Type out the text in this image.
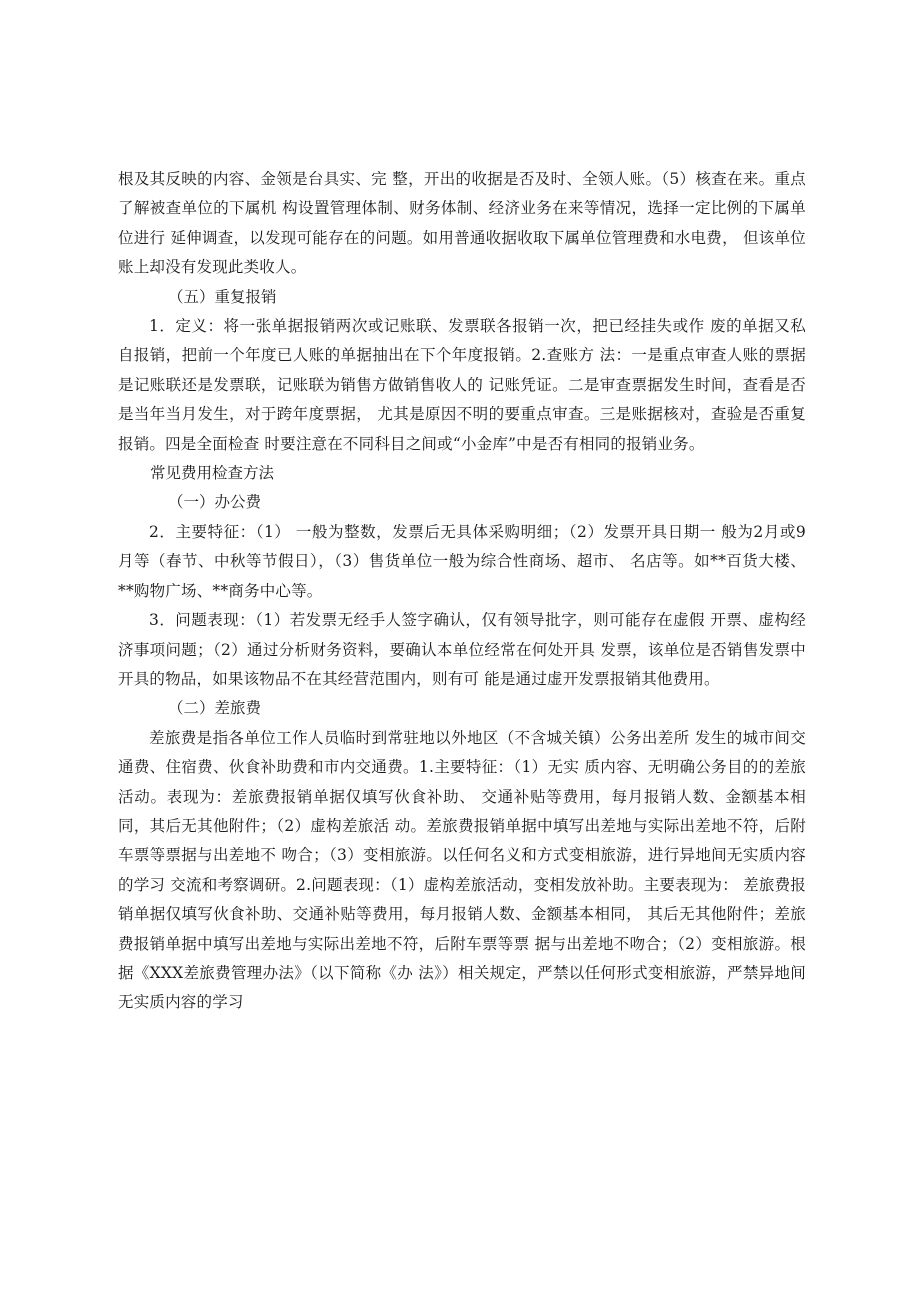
根及其反映的内容、金领是台具实、完 整，开出的收据是否及时、全领人账。（5）核查在来。重点了解被查单位的下属机 构设置管理体制、财务体制、经济业务在来等情况，选择一定比例的下属单位进行 延伸调查，以发现可能存在的问题。如用普通收据收取下属单位管理费和水电费， 但该单位账上却没有发现此类收人。

（五）重复报销

1．定义：将一张单据报销两次或记账联、发票联各报销一次，把已经挂失或作 废的单据又私自报销，把前一个年度已人账的单据抽出在下个年度报销。2.查账方 法：一是重点审查人账的票据是记账联还是发票联，记账联为销售方做销售收人的 记账凭证。二是审查票据发生时间，查看是否是当年当月发生，对于跨年度票据， 尤其是原因不明的要重点审查。三是账据核对，查验是否重复报销。四是全面检查 时要注意在不同科目之间或“小金库”中是否有相同的报销业务。

常见费用检查方法

（一）办公费

2．主要特征：（1） 一般为整数，发票后无具体采购明细；（2）发票开具日期一 般为2月或9月等（春节、中秋等节假日），（3）售货单位一般为综合性商场、超市、 名店等。如**百货大楼、**购物广场、**商务中心等。

3．问题表现：（1）若发票无经手人签字确认，仅有领导批字，则可能存在虚假 开票、虚构经济事项问题；（2）通过分析财务资料，要确认本单位经常在何处开具 发票，该单位是否销售发票中开具的物品，如果该物品不在其经营范围内，则有可 能是通过虚开发票报销其他费用。

（二）差旅费

差旅费是指各单位工作人员临时到常驻地以外地区（不含城关镇）公务出差所 发生的城市间交通费、住宿费、伙食补助费和市内交通费。1.主要特征：（1）无实 质内容、无明确公务目的的差旅活动。表现为：差旅费报销单据仅填写伙食补助、 交通补贴等费用，每月报销人数、金额基本相同，其后无其他附件；（2）虚构差旅活 动。差旅费报销单据中填写出差地与实际出差地不符，后附车票等票据与出差地不 吻合；（3）变相旅游。以任何名义和方式变相旅游，进行异地间无实质内容的学习 交流和考察调研。2.问题表现：（1）虚构差旅活动，变相发放补助。主要表现为： 差旅费报销单据仅填写伙食补助、交通补贴等费用，每月报销人数、金额基本相同， 其后无其他附件；差旅费报销单据中填写出差地与实际出差地不符，后附车票等票 据与出差地不吻合；（2）变相旅游。根据《XXX差旅费管理办法》（以下简称《办 法》）相关规定，严禁以任何形式变相旅游，严禁异地间无实质内容的学习
